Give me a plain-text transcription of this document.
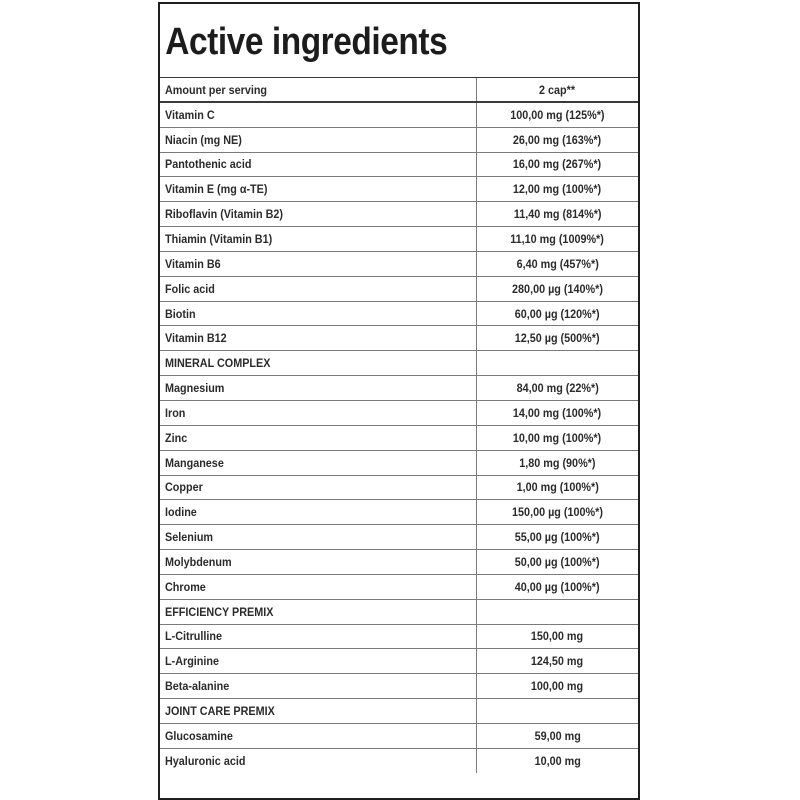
Active ingredients
Amount per serving	2 cap**
Vitamin C	100,00 mg (125%*)
Niacin (mg NE)	26,00 mg (163%*)
Pantothenic acid	16,00 mg (267%*)
Vitamin E (mg α-TE)	12,00 mg (100%*)
Riboflavin (Vitamin B2)	11,40 mg (814%*)
Thiamin (Vitamin B1)	11,10 mg (1009%*)
Vitamin B6	6,40 mg (457%*)
Folic acid	280,00 µg (140%*)
Biotin	60,00 µg (120%*)
Vitamin B12	12,50 µg (500%*)
MINERAL COMPLEX	
Magnesium	84,00 mg (22%*)
Iron	14,00 mg (100%*)
Zinc	10,00 mg (100%*)
Manganese	1,80 mg (90%*)
Copper	1,00 mg (100%*)
Iodine	150,00 µg (100%*)
Selenium	55,00 µg (100%*)
Molybdenum	50,00 µg (100%*)
Chrome	40,00 µg (100%*)
EFFICIENCY PREMIX	
L-Citrulline	150,00 mg
L-Arginine	124,50 mg
Beta-alanine	100,00 mg
JOINT CARE PREMIX	
Glucosamine	59,00 mg
Hyaluronic acid	10,00 mg
